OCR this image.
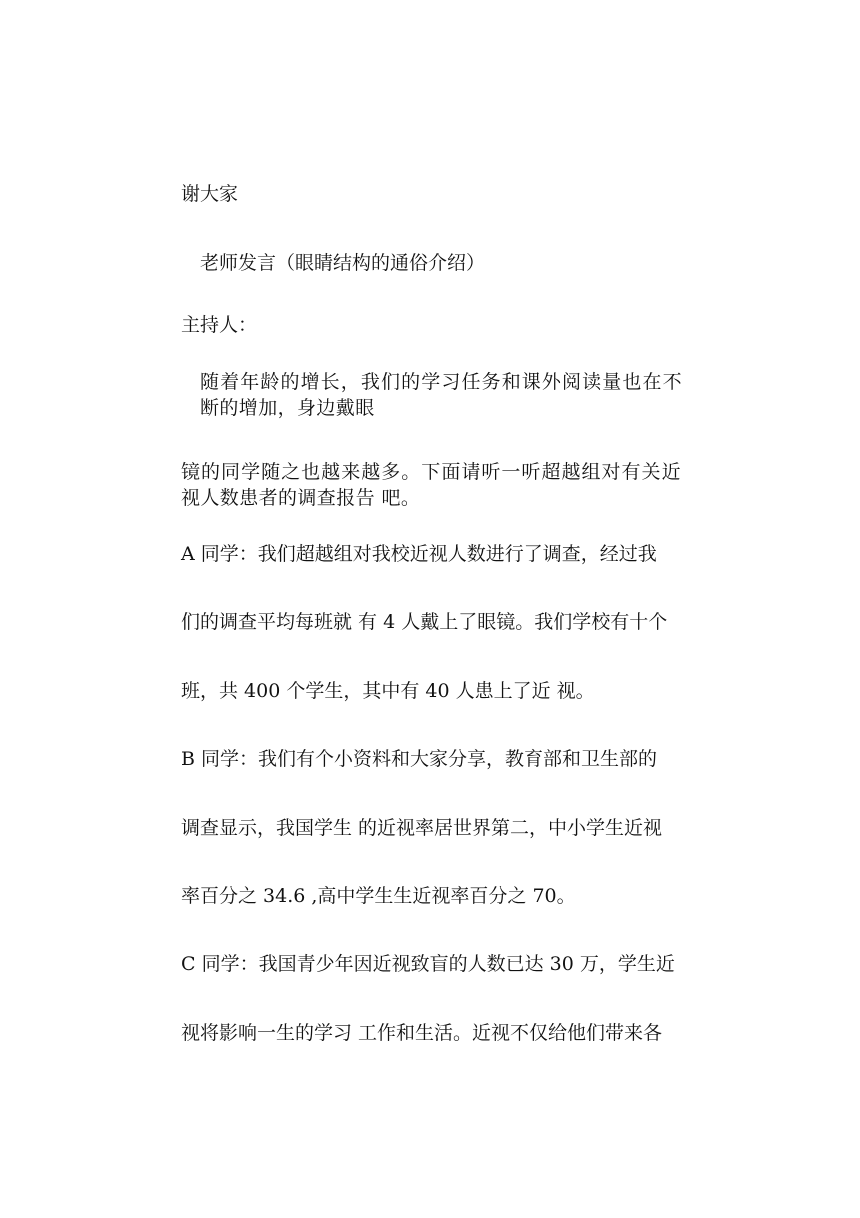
谢大家
老师发言（眼睛结构的通俗介绍）
主持人：
随着年龄的增长，我们的学习任务和课外阅读量也在不断的增加，身边戴眼
镜的同学随之也越来越多。下面请听一听超越组对有关近视人数患者的调查报告 吧。
A 同学：我们超越组对我校近视人数进行了调查，经过我
们的调查平均每班就 有 4 人戴上了眼镜。我们学校有十个
班，共 400 个学生，其中有 40 人患上了近 视。
B 同学：我们有个小资料和大家分享，教育部和卫生部的
调查显示，我国学生 的近视率居世界第二，中小学生近视
率百分之 34.6 ,高中学生生近视率百分之 70。
C 同学：我国青少年因近视致盲的人数已达 30 万，学生近
视将影响一生的学习 工作和生活。近视不仅给他们带来各
